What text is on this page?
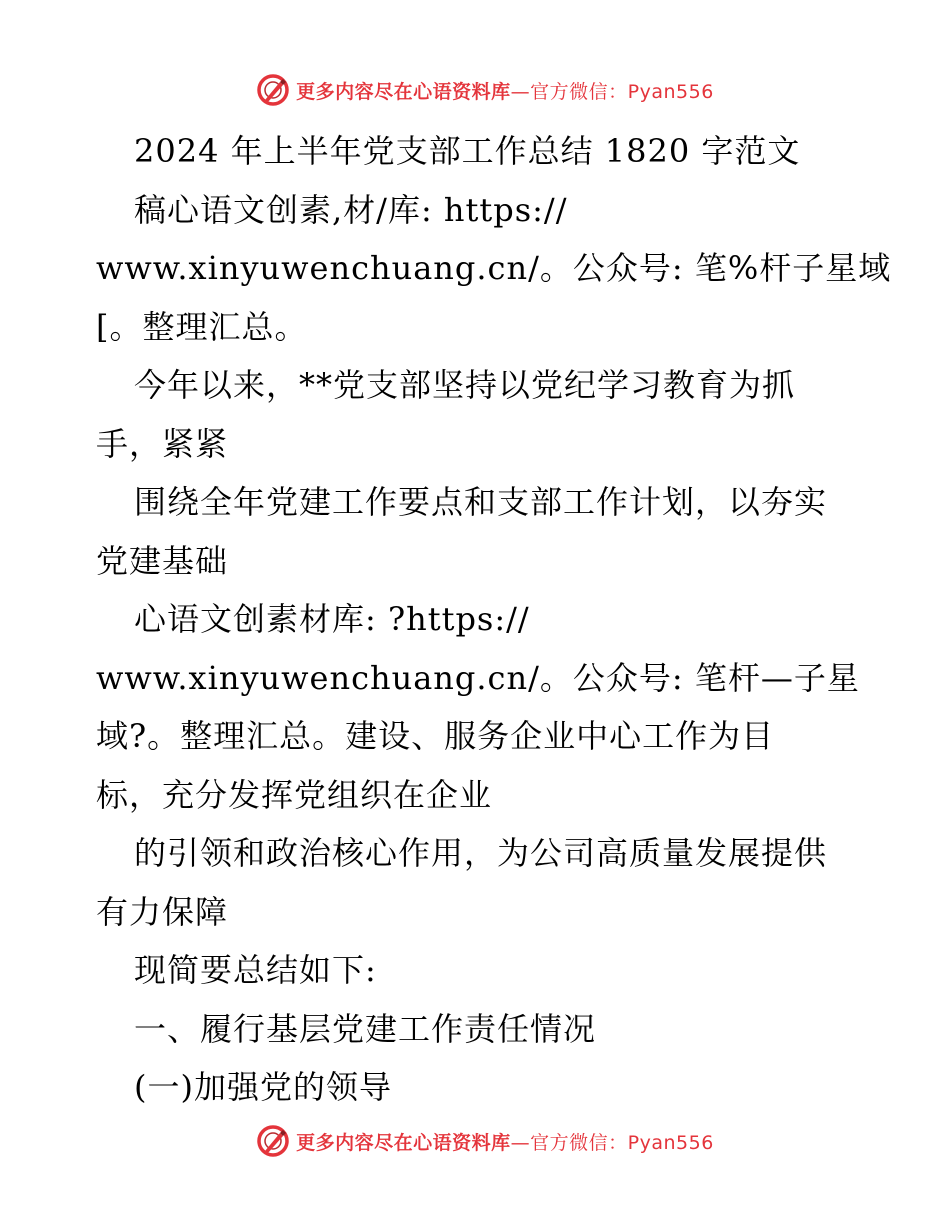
更多内容尽在心语资料库—官方微信：Pyan556
2024 年上半年党支部工作总结 1820 字范文
稿心语文创素,材/库: https://
www.xinyuwenchuang.cn/。公众号: 笔%杆子星域
[。整理汇总。
今年以来，**党支部坚持以党纪学习教育为抓
手，紧紧
围绕全年党建工作要点和支部工作计划，以夯实
党建基础
心语文创素材库: ?https://
www.xinyuwenchuang.cn/。公众号: 笔杆—子星
域?。整理汇总。建设、服务企业中心工作为目
标，充分发挥党组织在企业
的引领和政治核心作用，为公司高质量发展提供
有力保障
现简要总结如下:
一、履行基层党建工作责任情况
(一)加强党的领导
更多内容尽在心语资料库—官方微信：Pyan556
